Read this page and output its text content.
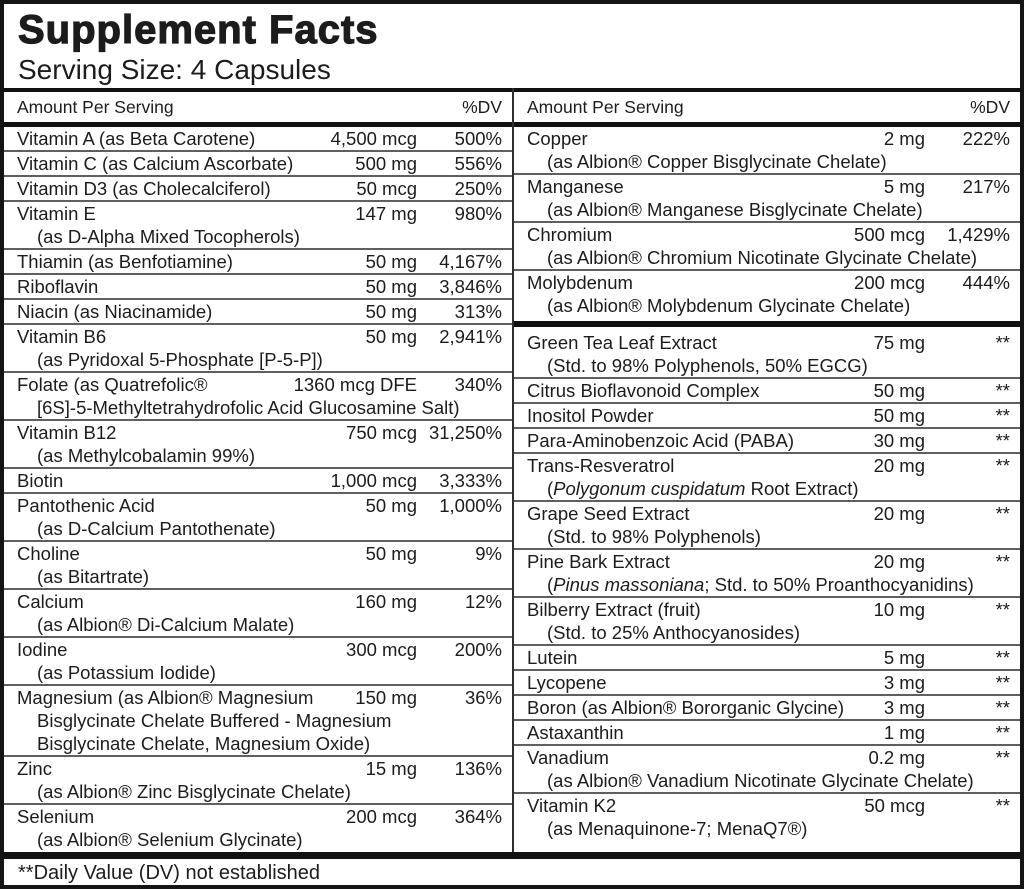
Supplement Facts
Serving Size: 4 Capsules
Amount Per Serving	%DV
Vitamin A (as Beta Carotene)	4,500 mcg	500%
Vitamin C (as Calcium Ascorbate)	500 mg	556%
Vitamin D3 (as Cholecalciferol)	50 mcg	250%
Vitamin E	147 mg	980%
(as D-Alpha Mixed Tocopherols)
Thiamin (as Benfotiamine)	50 mg	4,167%
Riboflavin	50 mg	3,846%
Niacin (as Niacinamide)	50 mg	313%
Vitamin B6	50 mg	2,941%
(as Pyridoxal 5-Phosphate [P-5-P])
Folate (as Quatrefolic®	1360 mcg DFE	340%
[6S]-5-Methyltetrahydrofolic Acid Glucosamine Salt)
Vitamin B12	750 mcg 31,250%
(as Methylcobalamin 99%)
Biotin	1,000 mcg	3,333%
Pantothenic Acid	50 mg	1,000%
(as D-Calcium Pantothenate)
Choline	50 mg	9%
(as Bitartrate)
Calcium	160 mg	12%
(as Albion® Di-Calcium Malate)
Iodine	300 mcg	200%
(as Potassium Iodide)
Magnesium (as Albion® Magnesium	150 mg	36%
Bisglycinate Chelate Buffered - Magnesium
Bisglycinate Chelate, Magnesium Oxide)
Zinc	15 mg	136%
(as Albion® Zinc Bisglycinate Chelate)
Selenium	200 mcg	364%
(as Albion® Selenium Glycinate)
Amount Per Serving	%DV
Copper	2 mg	222%
(as Albion® Copper Bisglycinate Chelate)
Manganese	5 mg	217%
(as Albion® Manganese Bisglycinate Chelate)
Chromium	500 mcg	1,429%
(as Albion® Chromium Nicotinate Glycinate Chelate)
Molybdenum	200 mcg	444%
(as Albion® Molybdenum Glycinate Chelate)
Green Tea Leaf Extract	75 mg	**
(Std. to 98% Polyphenols, 50% EGCG)
Citrus Bioflavonoid Complex	50 mg	**
Inositol Powder	50 mg	**
Para-Aminobenzoic Acid (PABA)	30 mg	**
Trans-Resveratrol	20 mg	**
(Polygonum cuspidatum Root Extract)
Grape Seed Extract	20 mg	**
(Std. to 98% Polyphenols)
Pine Bark Extract	20 mg	**
(Pinus massoniana; Std. to 50% Proanthocyanidins)
Bilberry Extract (fruit)	10 mg	**
(Std. to 25% Anthocyanosides)
Lutein	5 mg	**
Lycopene	3 mg	**
Boron (as Albion® Bororganic Glycine)	3 mg	**
Astaxanthin	1 mg	**
Vanadium	0.2 mg	**
(as Albion® Vanadium Nicotinate Glycinate Chelate)
Vitamin K2	50 mcg	**
(as Menaquinone-7; MenaQ7®)
**Daily Value (DV) not established
